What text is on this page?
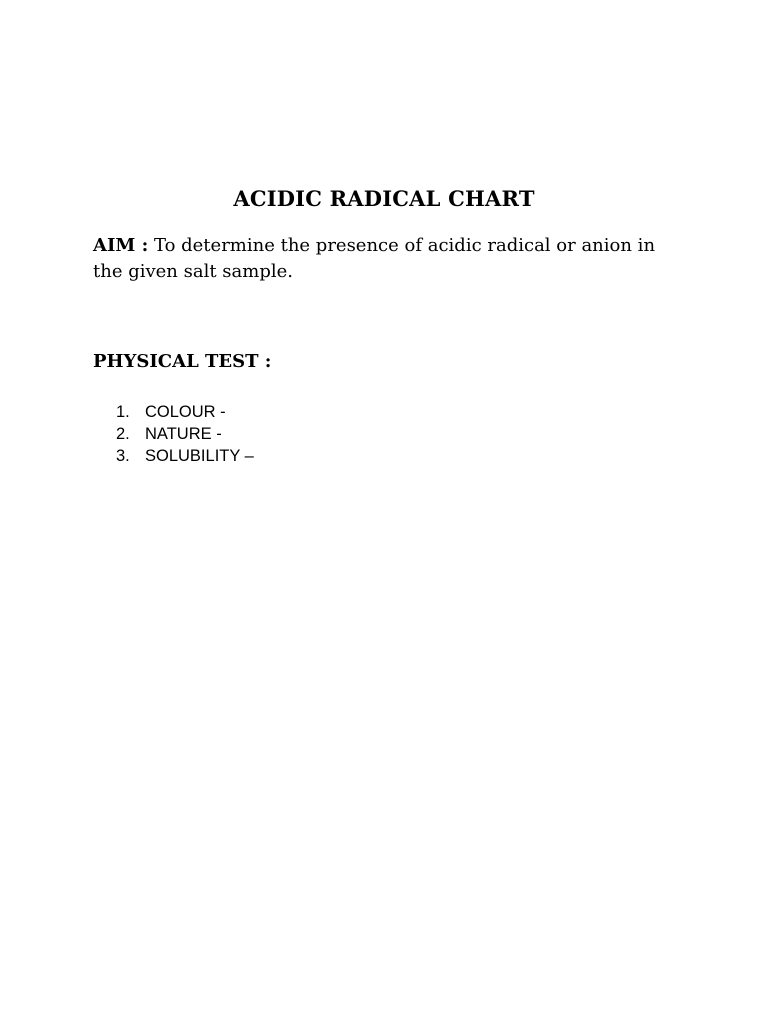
ACIDIC RADICAL CHART

AIM : To determine the presence of acidic radical or anion in the given salt sample.

PHYSICAL TEST :
1. COLOUR -
2. NATURE -
3. SOLUBILITY –
